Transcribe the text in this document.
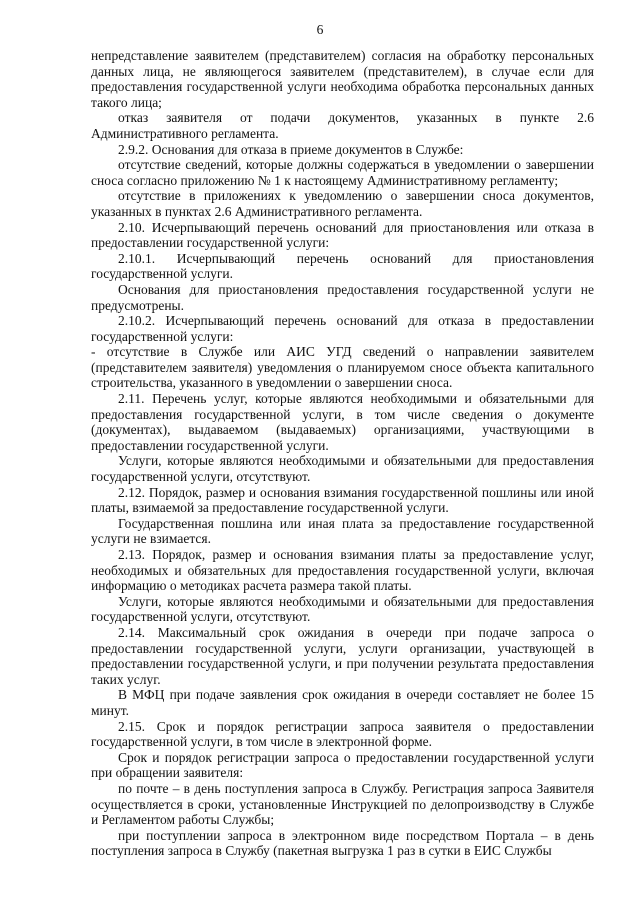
6

непредставление заявителем (представителем) согласия на обработку персональных данных лица, не являющегося заявителем (представителем), в случае если для предоставления государственной услуги необходима обработка персональных данных такого лица;

отказ заявителя от подачи документов, указанных в пункте 2.6 Административного регламента.

2.9.2. Основания для отказа в приеме документов в Службе:

отсутствие сведений, которые должны содержаться в уведомлении о завершении сноса согласно приложению № 1 к настоящему Административному регламенту;

отсутствие в приложениях к уведомлению о завершении сноса документов, указанных в пунктах 2.6 Административного регламента.

2.10. Исчерпывающий перечень оснований для приостановления или отказа в предоставлении государственной услуги:

2.10.1. Исчерпывающий перечень оснований для приостановления государственной услуги.

Основания для приостановления предоставления государственной услуги не предусмотрены.

2.10.2. Исчерпывающий перечень оснований для отказа в предоставлении государственной услуги:

- отсутствие в Службе или АИС УГД сведений о направлении заявителем (представителем заявителя) уведомления о планируемом сносе объекта капитального строительства, указанного в уведомлении о завершении сноса.

2.11. Перечень услуг, которые являются необходимыми и обязательными для предоставления государственной услуги, в том числе сведения о документе (документах), выдаваемом (выдаваемых) организациями, участвующими в предоставлении государственной услуги.

Услуги, которые являются необходимыми и обязательными для предоставления государственной услуги, отсутствуют.

2.12. Порядок, размер и основания взимания государственной пошлины или иной платы, взимаемой за предоставление государственной услуги.

Государственная пошлина или иная плата за предоставление государственной услуги не взимается.

2.13. Порядок, размер и основания взимания платы за предоставление услуг, необходимых и обязательных для предоставления государственной услуги, включая информацию о методиках расчета размера такой платы.

Услуги, которые являются необходимыми и обязательными для предоставления государственной услуги, отсутствуют.

2.14. Максимальный срок ожидания в очереди при подаче запроса о предоставлении государственной услуги, услуги организации, участвующей в предоставлении государственной услуги, и при получении результата предоставления таких услуг.

В МФЦ при подаче заявления срок ожидания в очереди составляет не более 15 минут.

2.15. Срок и порядок регистрации запроса заявителя о предоставлении государственной услуги, в том числе в электронной форме.

Срок и порядок регистрации запроса о предоставлении государственной услуги при обращении заявителя:

по почте – в день поступления запроса в Службу. Регистрация запроса Заявителя осуществляется в сроки, установленные Инструкцией по делопроизводству в Службе и Регламентом работы Службы;

при поступлении запроса в электронном виде посредством Портала – в день поступления запроса в Службу (пакетная выгрузка 1 раз в сутки в ЕИС Службы
